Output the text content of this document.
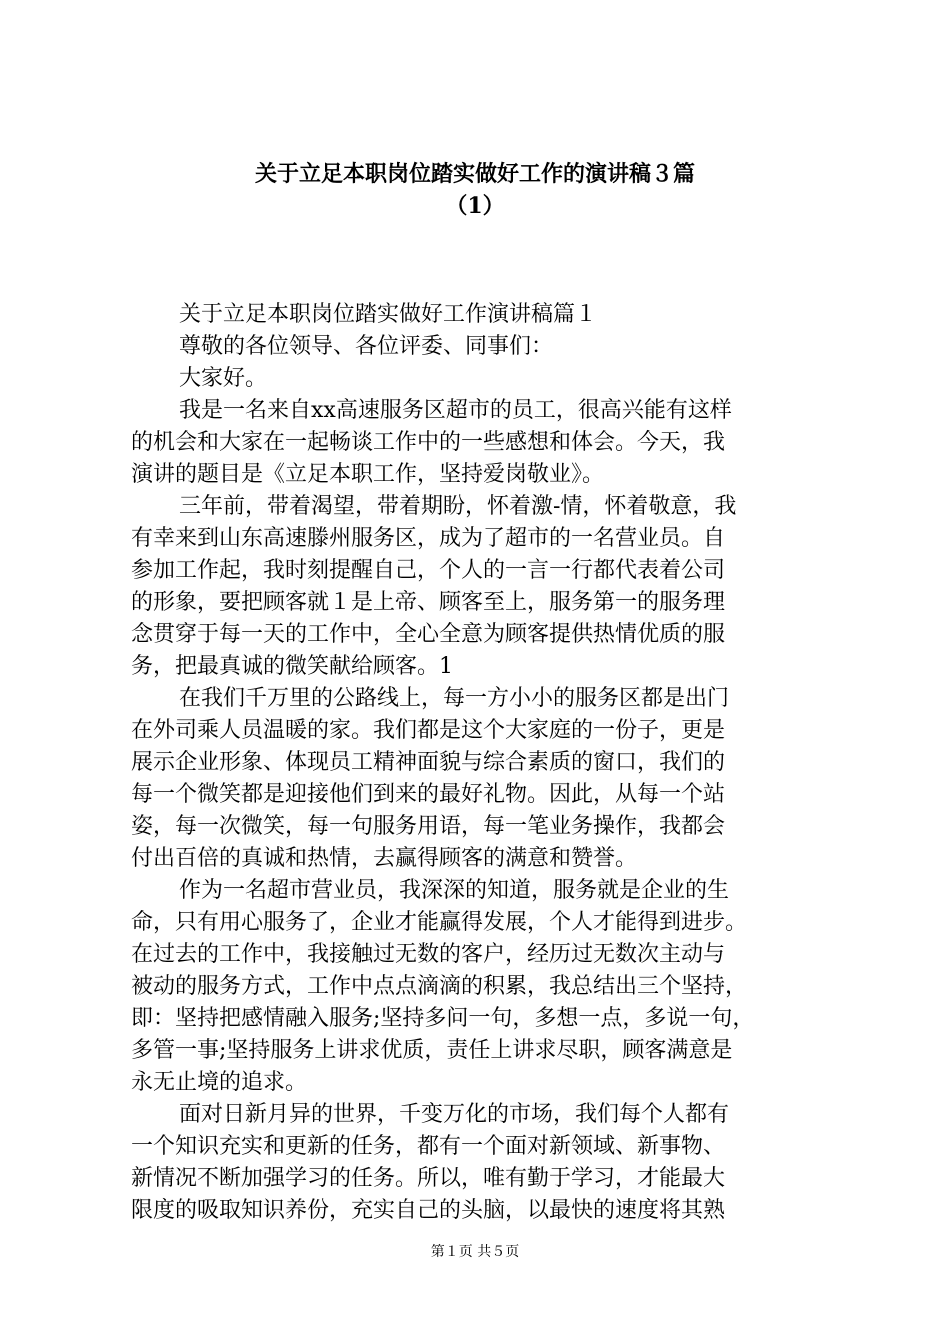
关于立足本职岗位踏实做好工作的演讲稿３篇
（1）
关于立足本职岗位踏实做好工作演讲稿篇１
尊敬的各位领导、各位评委、同事们：
大家好。
我是一名来自xx高速服务区超市的员工，很高兴能有这样
的机会和大家在一起畅谈工作中的一些感想和体会。今天，我
演讲的题目是《立足本职工作，坚持爱岗敬业》。
三年前，带着渴望，带着期盼，怀着激-情，怀着敬意，我
有幸来到山东高速滕州服务区，成为了超市的一名营业员。自
参加工作起，我时刻提醒自己，个人的一言一行都代表着公司
的形象，要把顾客就１是上帝、顾客至上，服务第一的服务理
念贯穿于每一天的工作中，全心全意为顾客提供热情优质的服
务，把最真诚的微笑献给顾客。1
在我们千万里的公路线上，每一方小小的服务区都是出门
在外司乘人员温暖的家。我们都是这个大家庭的一份子，更是
展示企业形象、体现员工精神面貌与综合素质的窗口，我们的
每一个微笑都是迎接他们到来的最好礼物。因此，从每一个站
姿，每一次微笑，每一句服务用语，每一笔业务操作，我都会
付出百倍的真诚和热情，去赢得顾客的满意和赞誉。
作为一名超市营业员，我深深的知道，服务就是企业的生
命，只有用心服务了，企业才能赢得发展，个人才能得到进步。
在过去的工作中，我接触过无数的客户，经历过无数次主动与
被动的服务方式，工作中点点滴滴的积累，我总结出三个坚持，
即：坚持把感情融入服务;坚持多问一句，多想一点，多说一句，
多管一事;坚持服务上讲求优质，责任上讲求尽职，顾客满意是
永无止境的追求。
面对日新月异的世界，千变万化的市场，我们每个人都有
一个知识充实和更新的任务，都有一个面对新领域、新事物、
新情况不断加强学习的任务。所以，唯有勤于学习，才能最大
限度的吸取知识养份，充实自己的头脑，以最快的速度将其熟
第１页 共５页
